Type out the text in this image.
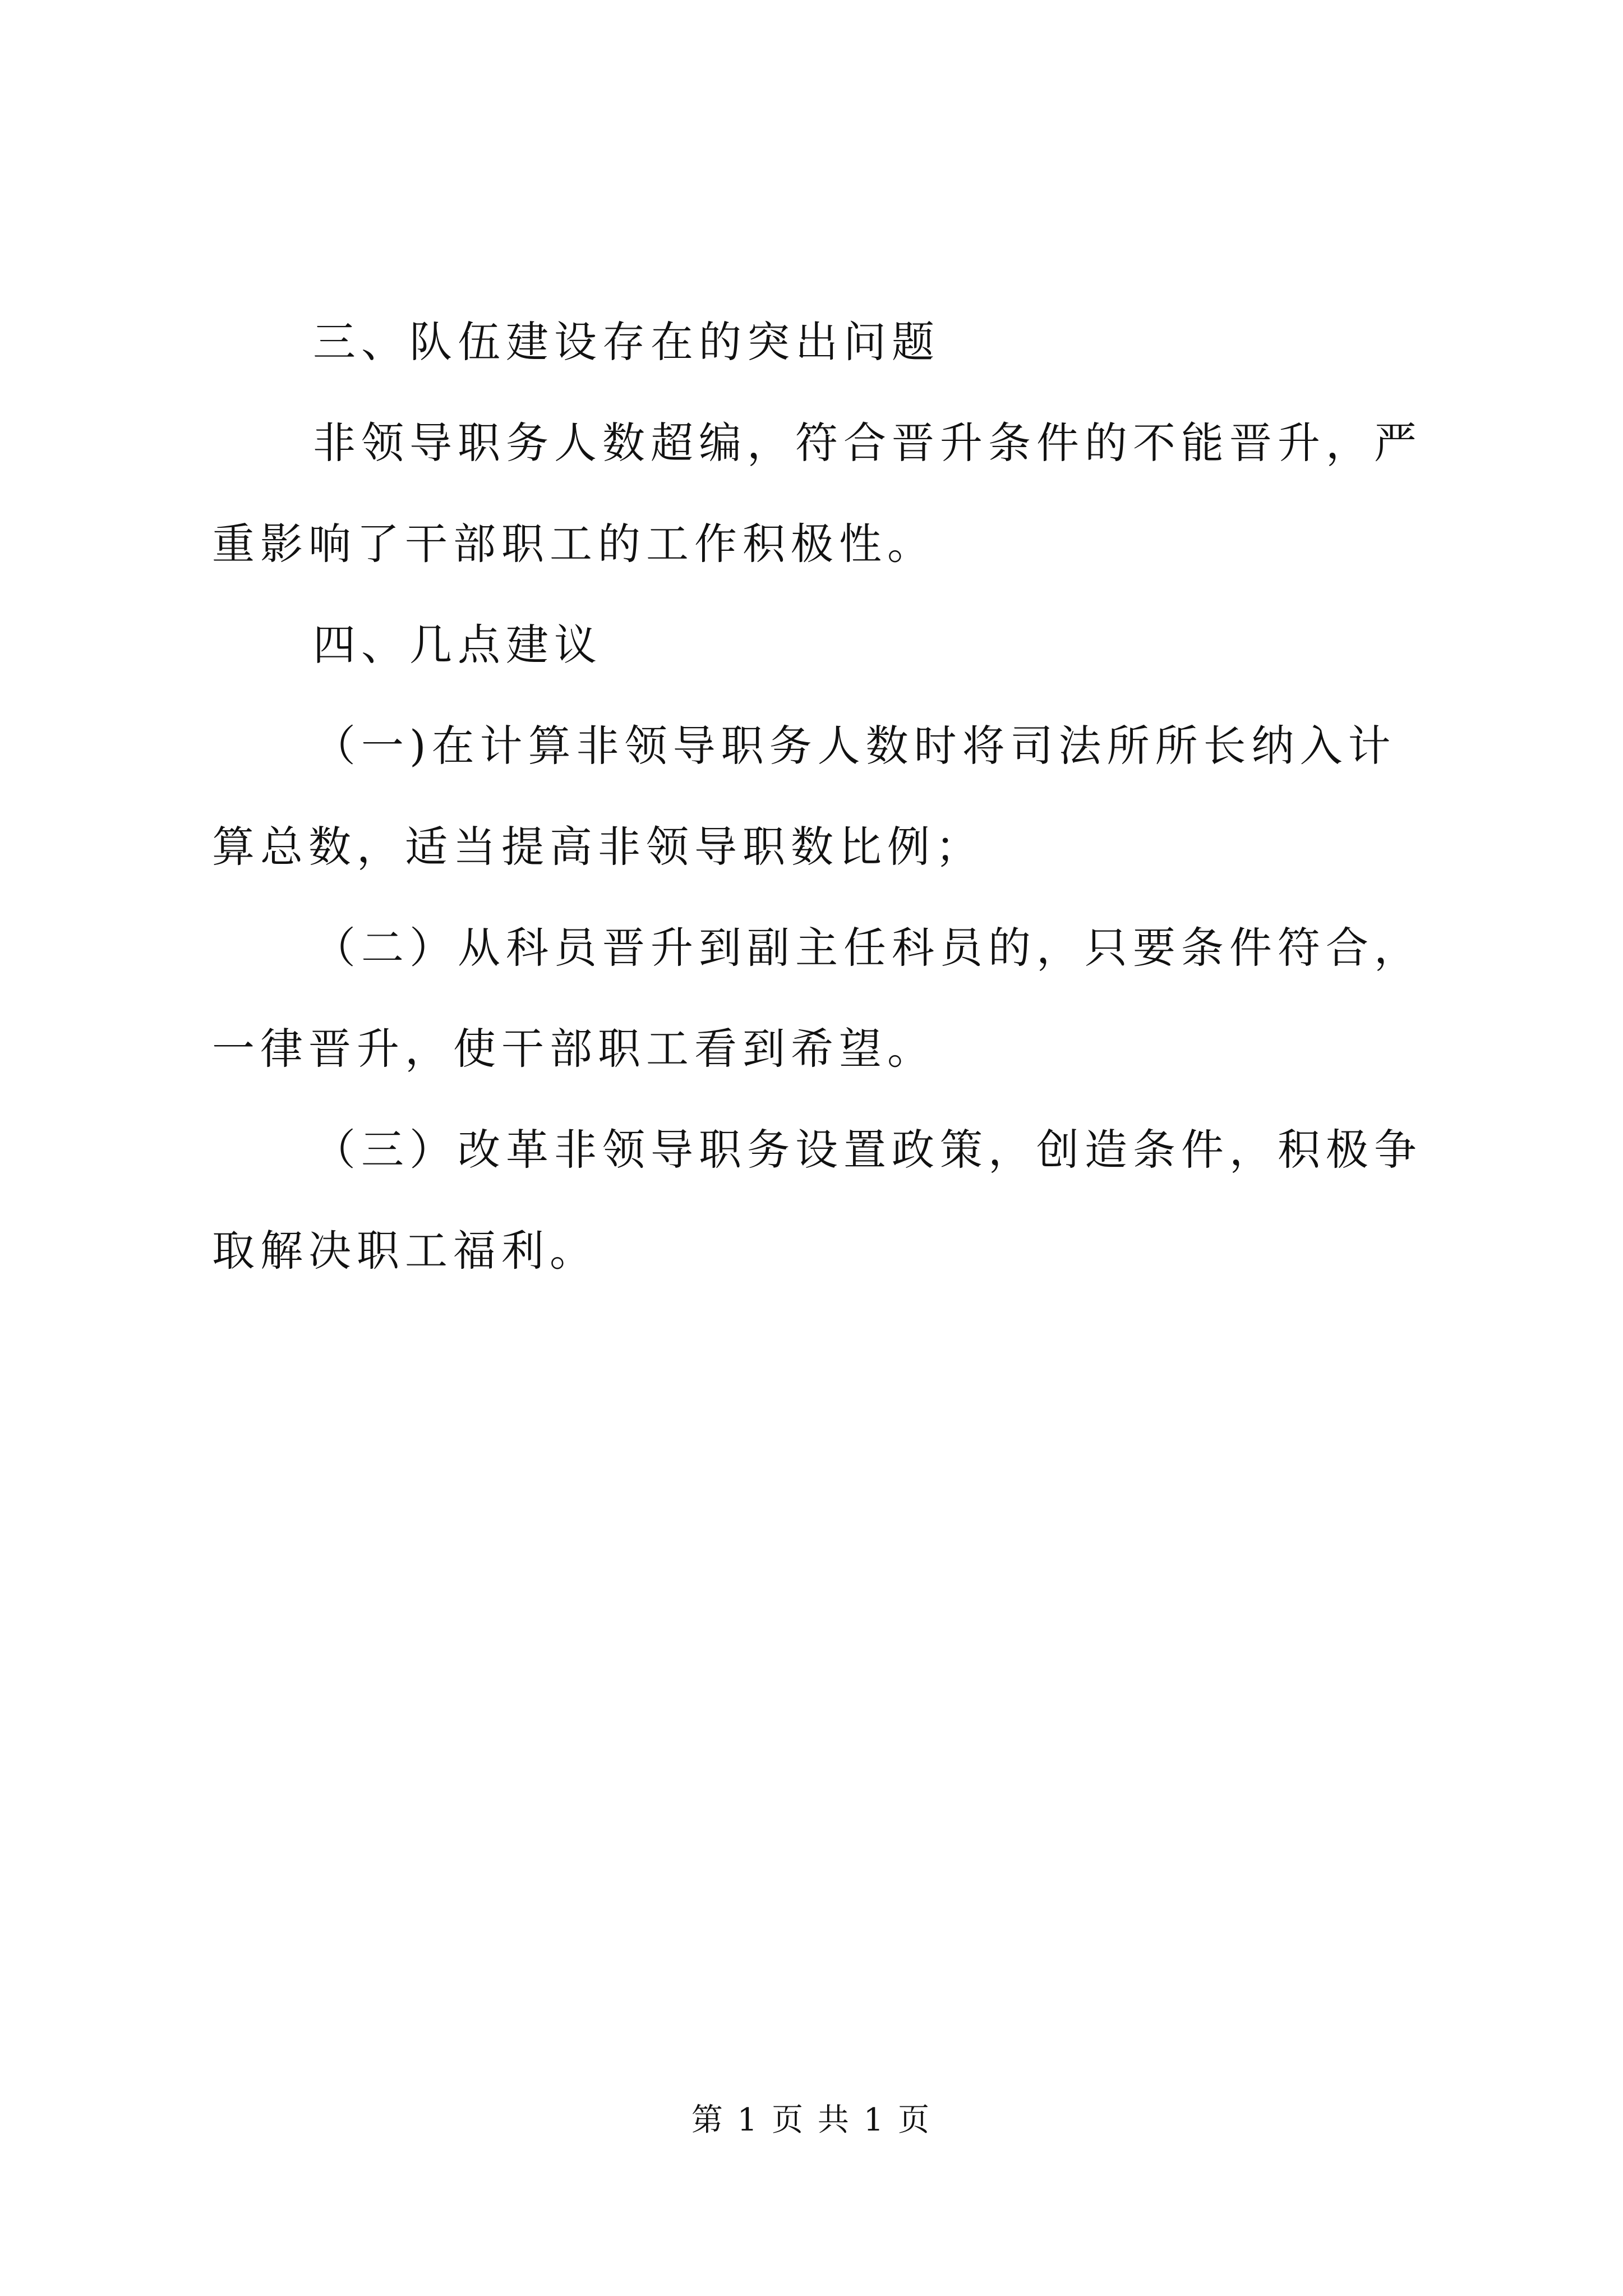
三、队伍建设存在的突出问题

非领导职务人数超编，符合晋升条件的不能晋升，严重影响了干部职工的工作积极性。

四、几点建议

（一)在计算非领导职务人数时将司法所所长纳入计算总数，适当提高非领导职数比例；

（二）从科员晋升到副主任科员的，只要条件符合，一律晋升，使干部职工看到希望。

（三）改革非领导职务设置政策，创造条件，积极争取解决职工福利。

第 1 页 共 1 页
